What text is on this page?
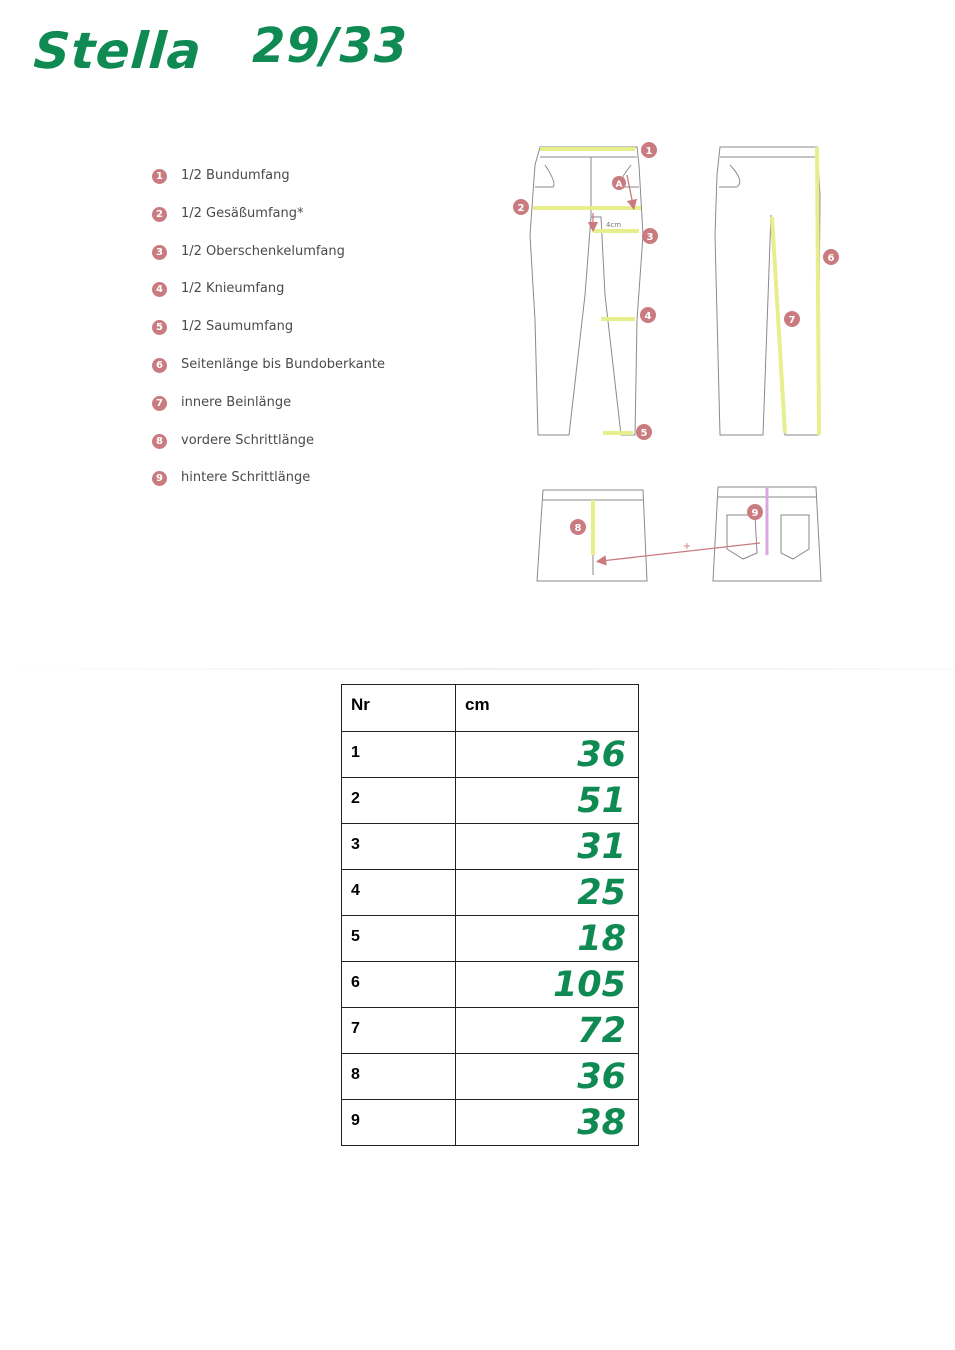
Stella 29/33
1	1/2 Bundumfang
2	1/2 Gesäßumfang*
3	1/2 Oberschenkelumfang
4	1/2 Knieumfang
5	1/2 Saumumfang
6	Seitenlänge bis Bundoberkante
7	innere Beinlänge
8	vordere Schrittlänge
9	hintere Schrittlänge
4cm
A
+
1
2
3
4
5
6
7
8
9
Nr	cm
1	36
2	51
3	31
4	25
5	18
6	105
7	72
8	36
9	38
